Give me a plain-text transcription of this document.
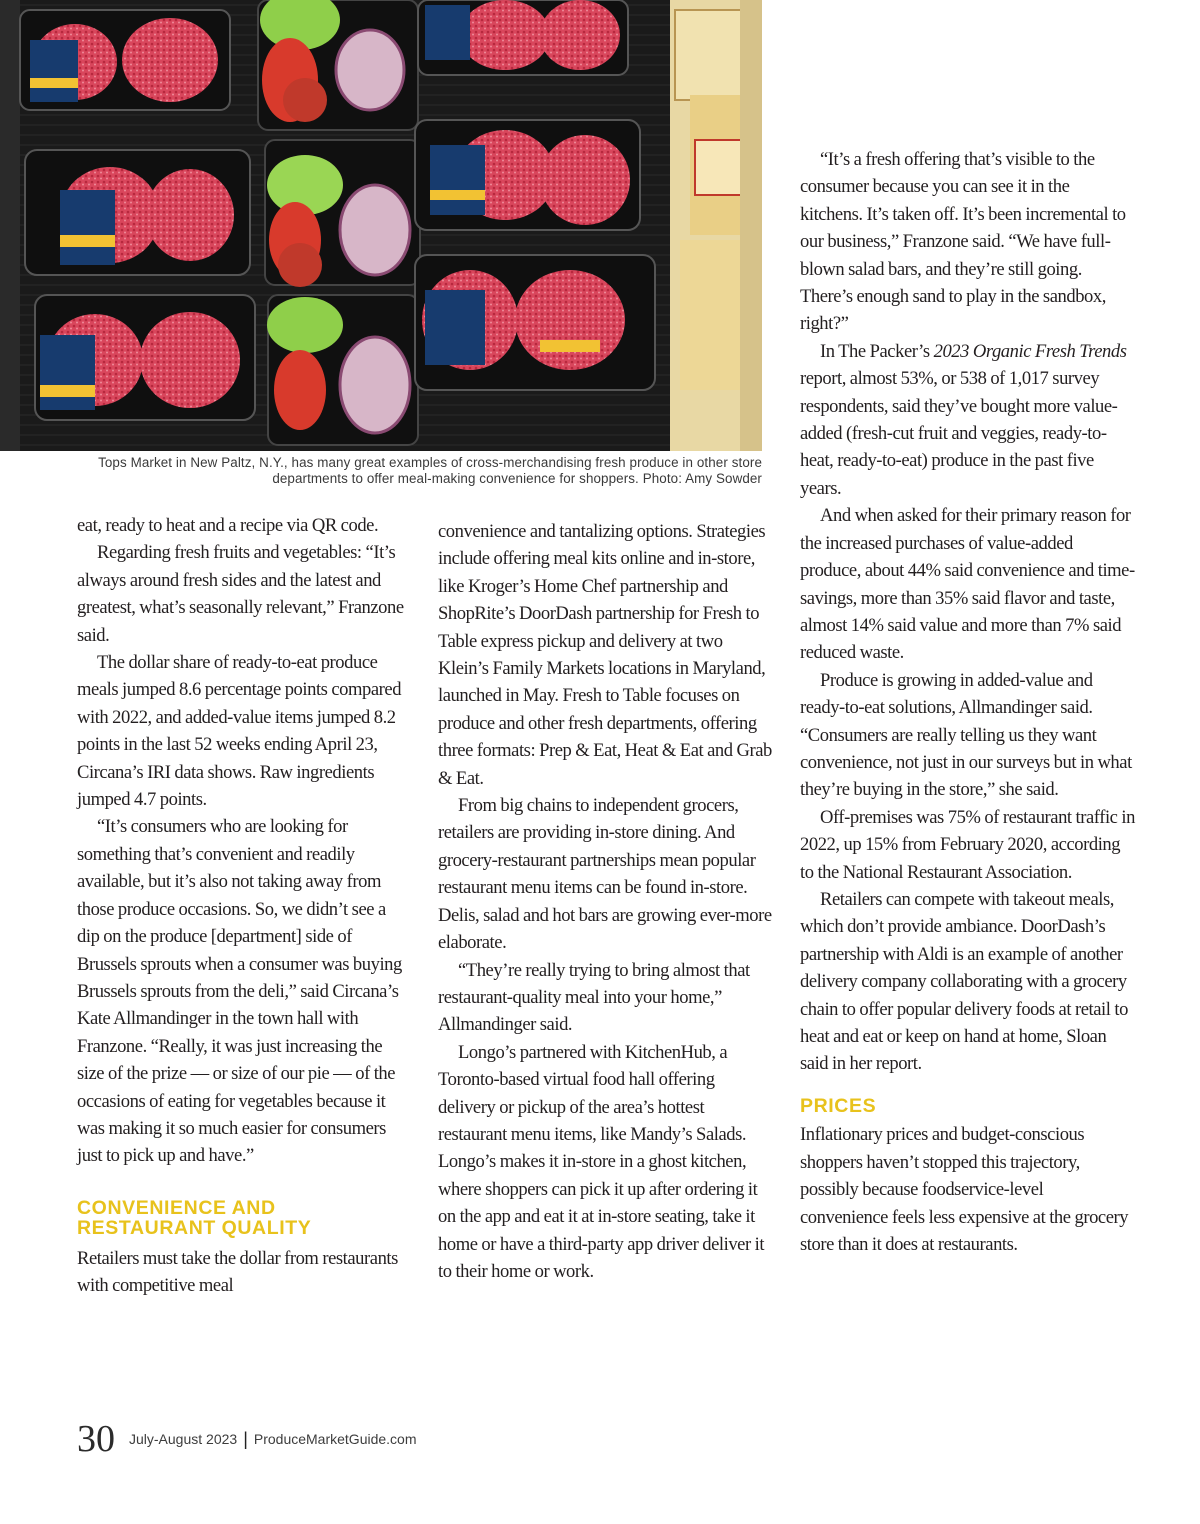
Tops Market in New Paltz, N.Y., has many great examples of cross-merchandising fresh produce in other store departments to offer meal-making convenience for shoppers. Photo: Amy Sowder

eat, ready to heat and a recipe via QR code.

Regarding fresh fruits and vegetables: “It’s always around fresh sides and the latest and greatest, what’s seasonally relevant,” Franzone said.

The dollar share of ready-to-eat produce meals jumped 8.6 percentage points compared with 2022, and added-value items jumped 8.2 points in the last 52 weeks ending April 23, Circana’s IRI data shows. Raw ingredients jumped 4.7 points.

“It’s consumers who are looking for something that’s convenient and readily available, but it’s also not taking away from those produce occasions. So, we didn’t see a dip on the produce [department] side of Brussels sprouts when a consumer was buying Brussels sprouts from the deli,” said Circana’s Kate Allmandinger in the town hall with Franzone. “Really, it was just increasing the size of the prize — or size of our pie — of the occasions of eating for vegetables because it was making it so much easier for consumers just to pick up and have.”

CONVENIENCE AND RESTAURANT QUALITY

Retailers must take the dollar from restaurants with competitive meal

convenience and tantalizing options. Strategies include offering meal kits online and in-store, like Kroger’s Home Chef partnership and ShopRite’s DoorDash partnership for Fresh to Table express pickup and delivery at two Klein’s Family Markets locations in Maryland, launched in May. Fresh to Table focuses on produce and other fresh departments, offering three formats: Prep & Eat, Heat & Eat and Grab & Eat.

From big chains to independent grocers, retailers are providing in-store dining. And grocery-restaurant partnerships mean popular restaurant menu items can be found in-store. Delis, salad and hot bars are growing ever-more elaborate.

“They’re really trying to bring almost that restaurant-quality meal into your home,” Allmandinger said.

Longo’s partnered with KitchenHub, a Toronto-based virtual food hall offering delivery or pickup of the area’s hottest restaurant menu items, like Mandy’s Salads. Longo’s makes it in-store in a ghost kitchen, where shoppers can pick it up after ordering it on the app and eat it at in-store seating, take it home or have a third-party app driver deliver it to their home or work.

“It’s a fresh offering that’s visible to the consumer because you can see it in the kitchens. It’s taken off. It’s been incremental to our business,” Franzone said. “We have full-blown salad bars, and they’re still going. There’s enough sand to play in the sandbox, right?”

In The Packer’s 2023 Organic Fresh Trends report, almost 53%, or 538 of 1,017 survey respondents, said they’ve bought more value-added (fresh-cut fruit and veggies, ready-to-heat, ready-to-eat) produce in the past five years.

And when asked for their primary reason for the increased purchases of value-added produce, about 44% said convenience and time-savings, more than 35% said flavor and taste, almost 14% said value and more than 7% said reduced waste.

Produce is growing in added-value and ready-to-eat solutions, Allmandinger said. “Consumers are really telling us they want convenience, not just in our surveys but in what they’re buying in the store,” she said.

Off-premises was 75% of restaurant traffic in 2022, up 15% from February 2020, according to the National Restaurant Association.

Retailers can compete with takeout meals, which don’t provide ambiance. DoorDash’s partnership with Aldi is an example of another delivery company collaborating with a grocery chain to offer popular delivery foods at retail to heat and eat or keep on hand at home, Sloan said in her report.

PRICES

Inflationary prices and budget-conscious shoppers haven’t stopped this trajectory, possibly because foodservice-level convenience feels less expensive at the grocery store than it does at restaurants.

30 July-August 2023 | ProduceMarketGuide.com
